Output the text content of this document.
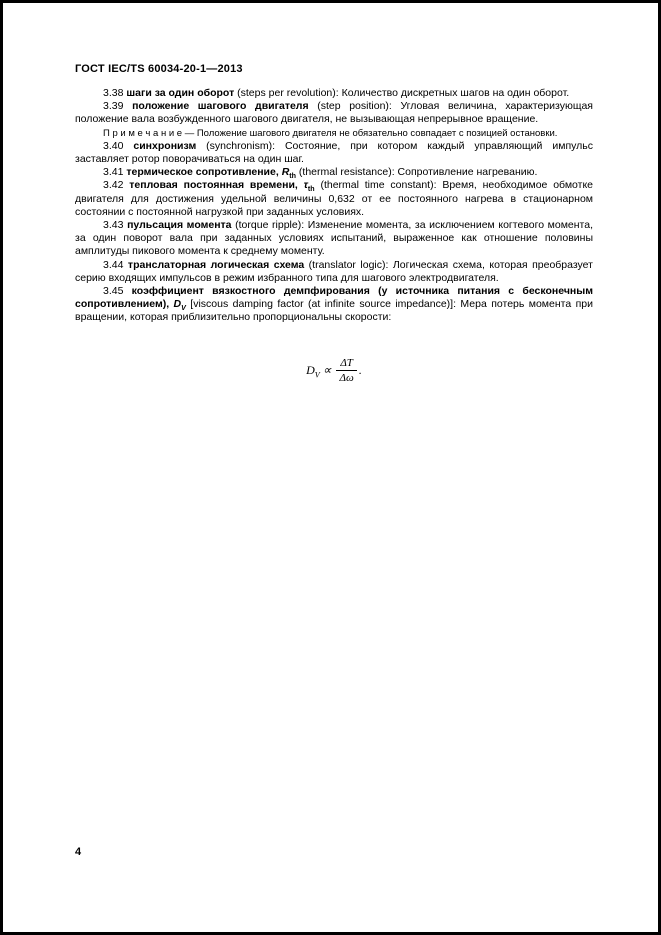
ГОСТ IEC/TS 60034-20-1—2013

3.38 шаги за один оборот (steps per revolution): Количество дискретных шагов на один оборот.

3.39 положение шагового двигателя (step position): Угловая величина, характеризующая положение вала возбужденного шагового двигателя, не вызывающая непрерывное вращение.

П р и м е ч а н и е — Положение шагового двигателя не обязательно совпадает с позицией остановки.

3.40 синхронизм (synchronism): Состояние, при котором каждый управляющий импульс заставляет ротор поворачиваться на один шаг.

3.41 термическое сопротивление, $R_{th}$ (thermal resistance): Сопротивление нагреванию.

3.42 тепловая постоянная времени, $\tau_{th}$ (thermal time constant): Время, необходимое обмотке двигателя для достижения удельной величины 0,632 от ее постоянного нагрева в стационарном состоянии с постоянной нагрузкой при заданных условиях.

3.43 пульсация момента (torque ripple): Изменение момента, за исключением когтевого момента, за один поворот вала при заданных условиях испытаний, выраженное как отношение половины амплитуды пикового момента к среднему моменту.

3.44 транслаторная логическая схема (translator logic): Логическая схема, которая преобразует серию входящих импульсов в режим избранного типа для шагового электродвигателя.

3.45 коэффициент вязкостного демпфирования (у источника питания с бесконечным сопротивлением), $D_V$ [viscous damping factor (at infinite source impedance)]: Мера потерь момента при вращении, которая приблизительно пропорциональны скорости:

$D_V \propto \frac{\Delta T}{\Delta\omega}$ .
4
